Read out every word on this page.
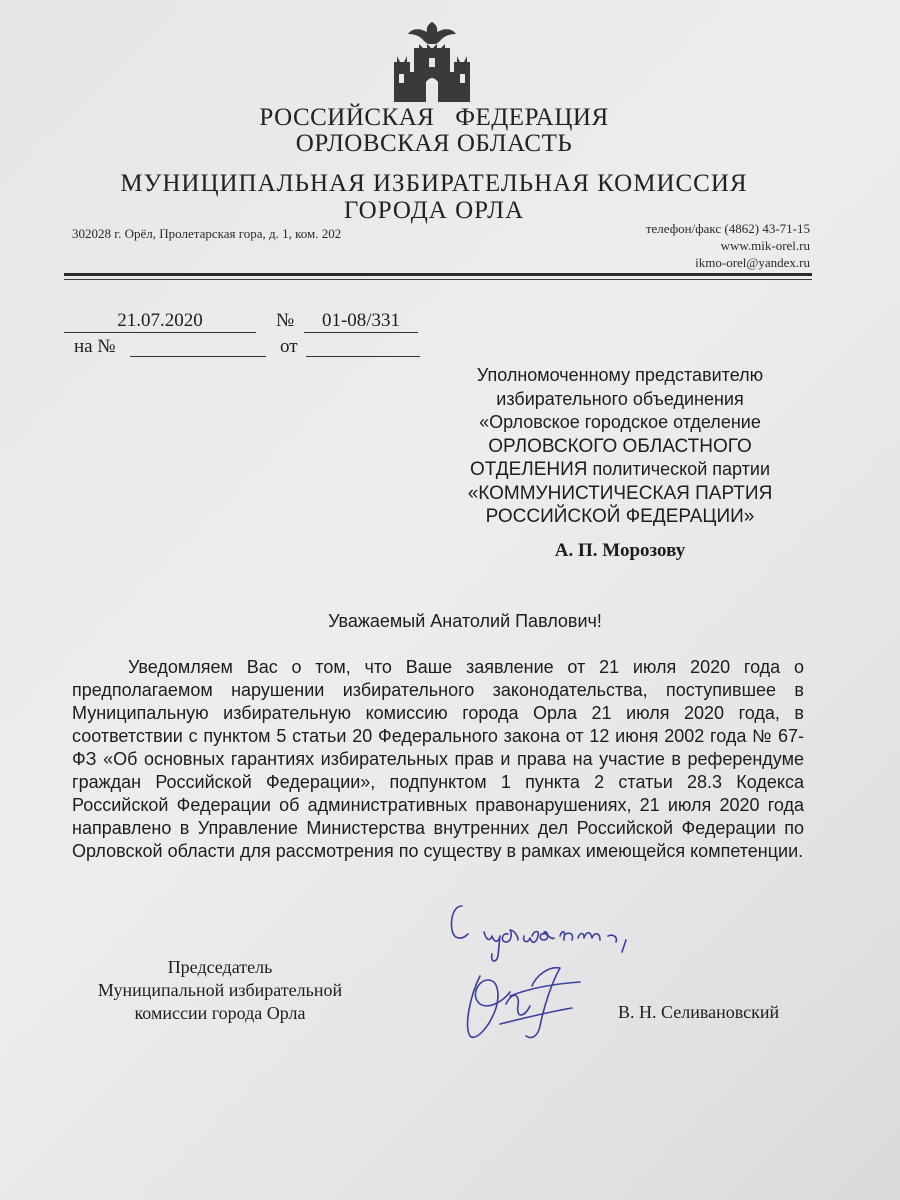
РОССИЙСКАЯ ФЕДЕРАЦИЯ
ОРЛОВСКАЯ ОБЛАСТЬ
МУНИЦИПАЛЬНАЯ ИЗБИРАТЕЛЬНАЯ КОМИССИЯ
ГОРОДА ОРЛА
302028 г. Орёл, Пролетарская гора, д. 1, ком. 202	телефон/факс (4862) 43-71-15
www.mik-orel.ru
ikmo-orel@yandex.ru
21.07.2020	№	01-08/331
на №	от
Уполномоченному представителю
избирательного объединения
«Орловское городское отделение
ОРЛОВСКОГО ОБЛАСТНОГО
ОТДЕЛЕНИЯ политической партии
«КОММУНИСТИЧЕСКАЯ ПАРТИЯ
РОССИЙСКОЙ ФЕДЕРАЦИИ»
А. П. Морозову
Уважаемый Анатолий Павлович!
Уведомляем Вас о том, что Ваше заявление от 21 июля 2020 года о предполагаемом нарушении избирательного законодательства, поступившее в Муниципальную избирательную комиссию города Орла 21 июля 2020 года, в соответствии с пунктом 5 статьи 20 Федерального закона от 12 июня 2002 года № 67-ФЗ «Об основных гарантиях избирательных прав и права на участие в референдуме граждан Российской Федерации», подпунктом 1 пункта 2 статьи 28.3 Кодекса Российской Федерации об административных правонарушениях, 21 июля 2020 года направлено в Управление Министерства внутренних дел Российской Федерации по Орловской области для рассмотрения по существу в рамках имеющейся компетенции.
Председатель
Муниципальной избирательной
комиссии города Орла	В. Н. Селивановский
